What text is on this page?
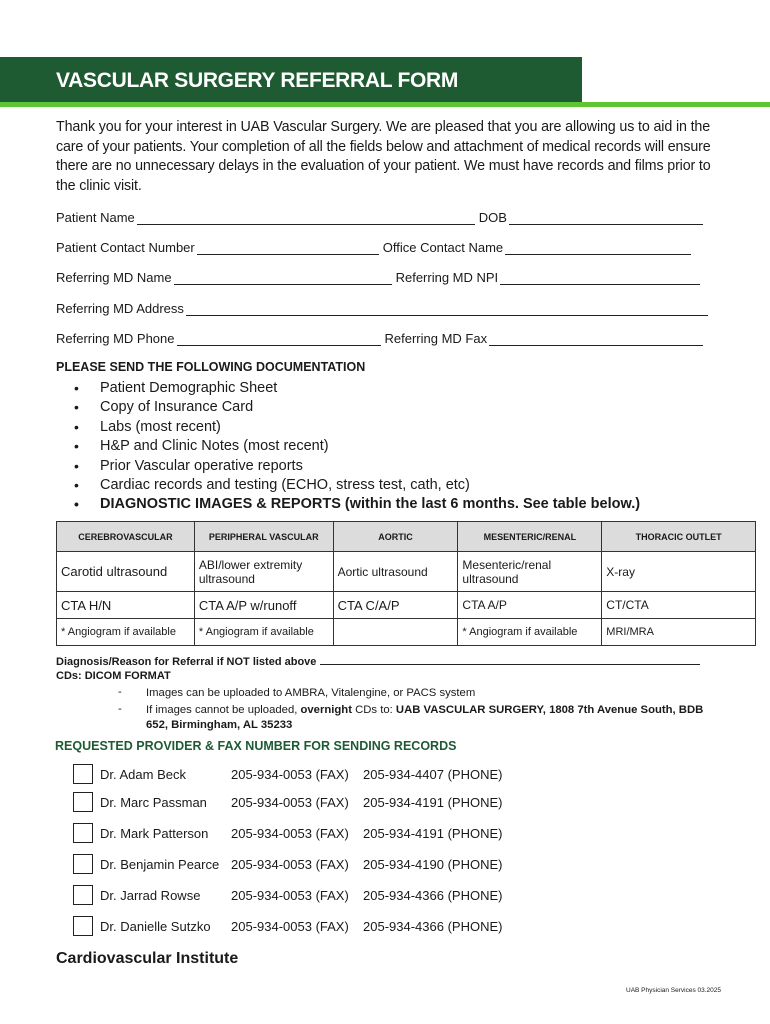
VASCULAR SURGERY REFERRAL FORM
Thank you for your interest in UAB Vascular Surgery. We are pleased that you are allowing us to aid in the care of your patients. Your completion of all the fields below and attachment of medical records will ensure there are no unnecessary delays in the evaluation of your patient. We must have records and films prior to the clinic visit.
Patient Name	DOB
Patient Contact Number	Office Contact Name
Referring MD Name	Referring MD NPI
Referring MD Address
Referring MD Phone	Referring MD Fax
PLEASE SEND THE FOLLOWING DOCUMENTATION
• Patient Demographic Sheet
• Copy of Insurance Card
• Labs (most recent)
• H&P and Clinic Notes (most recent)
• Prior Vascular operative reports
• Cardiac records and testing (ECHO, stress test, cath, etc)
• DIAGNOSTIC IMAGES & REPORTS (within the last 6 months. See table below.)
CEREBROVASCULAR	PERIPHERAL VASCULAR	AORTIC	MESENTERIC/RENAL	THORACIC OUTLET
Carotid ultrasound	ABI/lower extremity ultrasound	Aortic ultrasound	Mesenteric/renal ultrasound	X-ray
CTA H/N	CTA A/P w/runoff	CTA C/A/P	CTA A/P	CT/CTA
* Angiogram if available	* Angiogram if available		* Angiogram if available	MRI/MRA
Diagnosis/Reason for Referral if NOT listed above
CDs: DICOM FORMAT
- Images can be uploaded to AMBRA, Vitalengine, or PACS system
- If images cannot be uploaded, overnight CDs to: UAB VASCULAR SURGERY, 1808 7th Avenue South, BDB 652, Birmingham, AL 35233
REQUESTED PROVIDER & FAX NUMBER FOR SENDING RECORDS
Dr. Adam Beck	205-934-0053 (FAX) 205-934-4407 (PHONE)
Dr. Marc Passman 205-934-0053 (FAX) 205-934-4191 (PHONE)
Dr. Mark Patterson 205-934-0053 (FAX) 205-934-4191 (PHONE)
Dr. Benjamin Pearce 205-934-0053 (FAX) 205-934-4190 (PHONE)
Dr. Jarrad Rowse 205-934-0053 (FAX) 205-934-4366 (PHONE)
Dr. Danielle Sutzko 205-934-0053 (FAX) 205-934-4366 (PHONE)
Cardiovascular Institute
UAB Physician Services 03.2025
